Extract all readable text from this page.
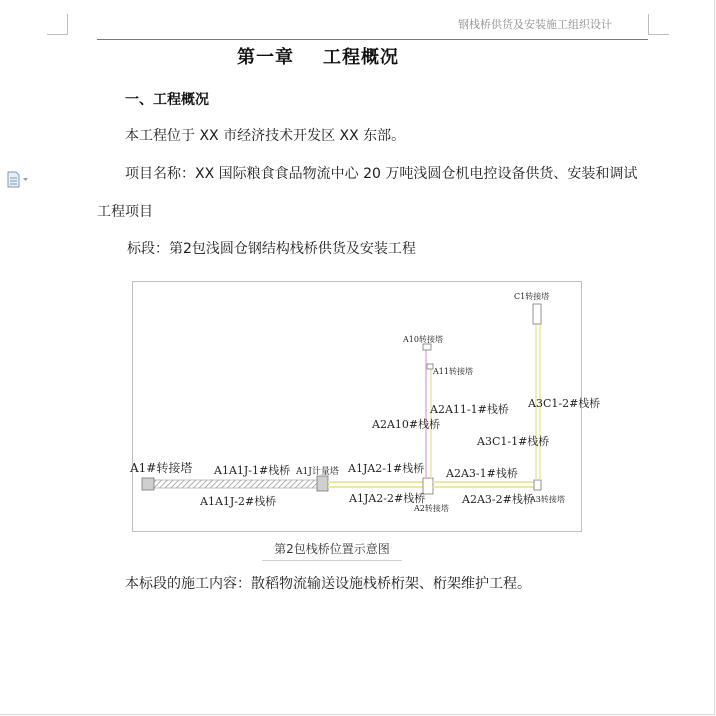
钢栈桥供货及安装施工组织设计
第一章    工程概况
一、工程概况
本工程位于 XX 市经济技术开发区 XX 东部。
项目名称：XX 国际粮食食品物流中心 20 万吨浅圆仓机电控设备供货、安装和调试
工程项目
标段：第2包浅圆仓钢结构栈桥供货及安装工程
A1#转接塔 A1A1J-1#栈桥
A1A1J-2#栈桥
A1J计量塔 A1JA2-1#栈桥
A1JA2-2#栈桥
A2转接塔
A2A10#栈桥
A10转接塔
A11转接塔
A2A11-1#栈桥
A2A3-1#栈桥
A2A3-2#栈桥
A3转接塔
A3C1-1#栈桥
A3C1-2#栈桥
C1转接塔
第2包栈桥位置示意图
本标段的施工内容：散稻物流输送设施栈桥桁架、桁架维护工程。
